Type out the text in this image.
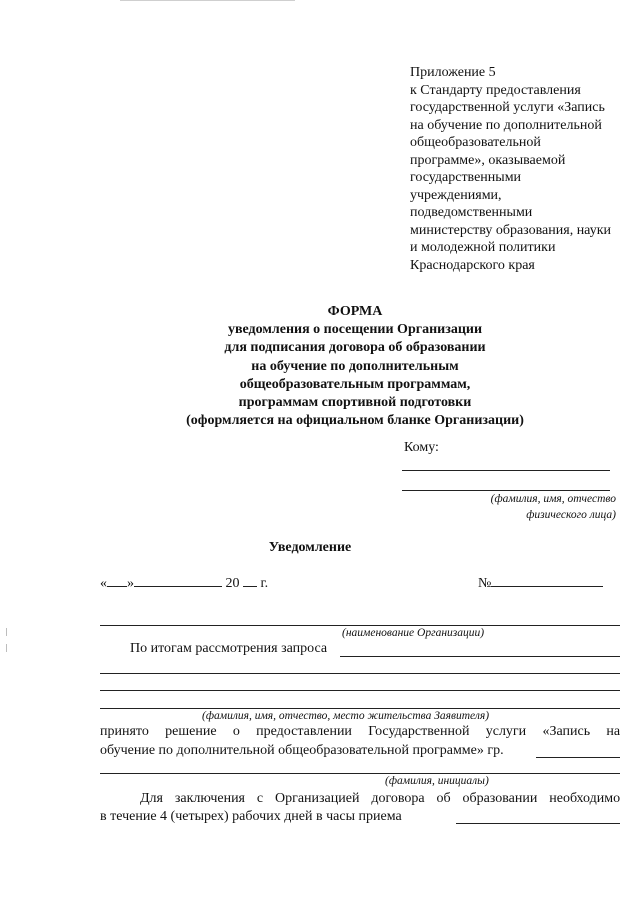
Приложение 5
к Стандарту предоставления
государственной услуги «Запись
на обучение по дополнительной
общеобразовательной
программе», оказываемой
государственными
учреждениями,
подведомственными
министерству образования, науки
и молодежной политики
Краснодарского края
ФОРМА
уведомления о посещении Организации
для подписания договора об образовании
на обучение по дополнительным
общеобразовательным программам,
программам спортивной подготовки
(оформляется на официальном бланке Организации)
Кому:
(фамилия, имя, отчество
физического лица)
Уведомление
« »	20 г.	№
(наименование Организации)
По итогам рассмотрения запроса
(фамилия, имя, отчество, место жительства Заявителя)
принято решение о предоставлении Государственной услуги «Запись на
обучение по дополнительной общеобразовательной программе» гр.
(фамилия, инициалы)
Для заключения с Организацией договора об образовании необходимо
в течение 4 (четырех) рабочих дней в часы приема
